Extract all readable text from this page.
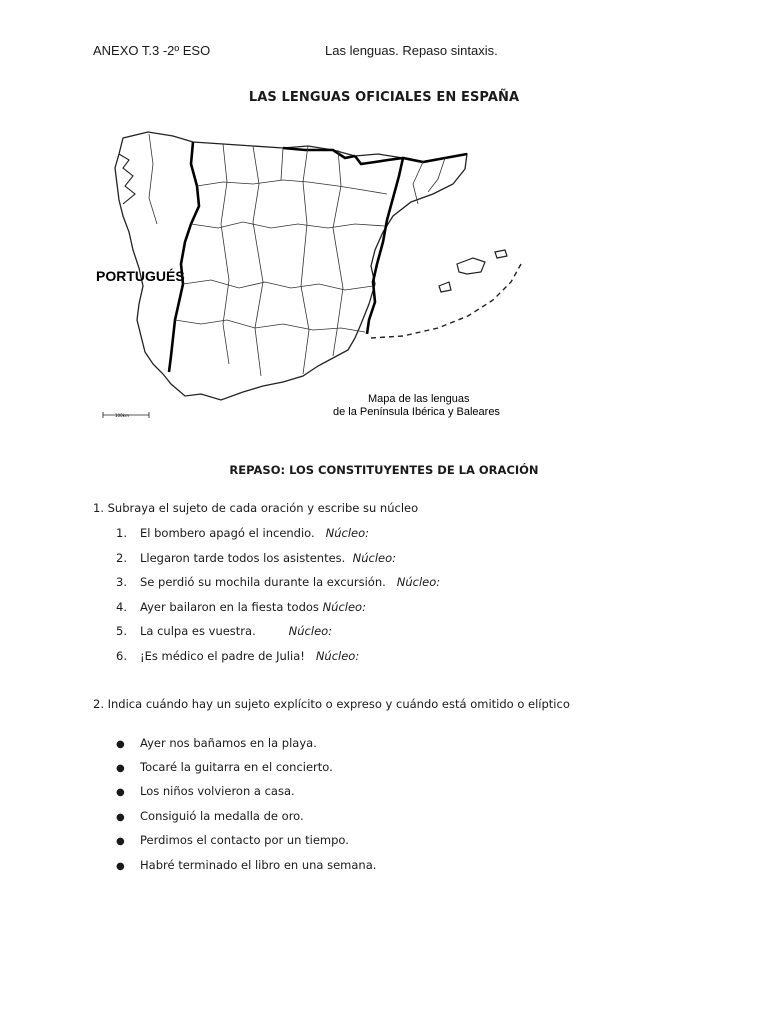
ANEXO T.3 -2º ESO	Las lenguas. Repaso sintaxis.
LAS LENGUAS OFICIALES EN ESPAÑA
100km
PORTUGUÉS
Mapa de las lenguas
de la Península Ibérica y Baleares
REPASO: LOS CONSTITUYENTES DE LA ORACIÓN
1. Subraya el sujeto de cada oración y escribe su núcleo
1. El bombero apagó el incendio. Núcleo:
2. Llegaron tarde todos los asistentes. Núcleo:
3. Se perdió su mochila durante la excursión. Núcleo:
4. Ayer bailaron en la fiesta todos Núcleo:
5. La culpa es vuestra.	Núcleo:
6. ¡Es médico el padre de Julia! Núcleo:
2. Indica cuándo hay un sujeto explícito o expreso y cuándo está omitido o elíptico
● Ayer nos bañamos en la playa.
● Tocaré la guitarra en el concierto.
● Los niños volvieron a casa.
● Consiguió la medalla de oro.
● Perdimos el contacto por un tiempo.
● Habré terminado el libro en una semana.
